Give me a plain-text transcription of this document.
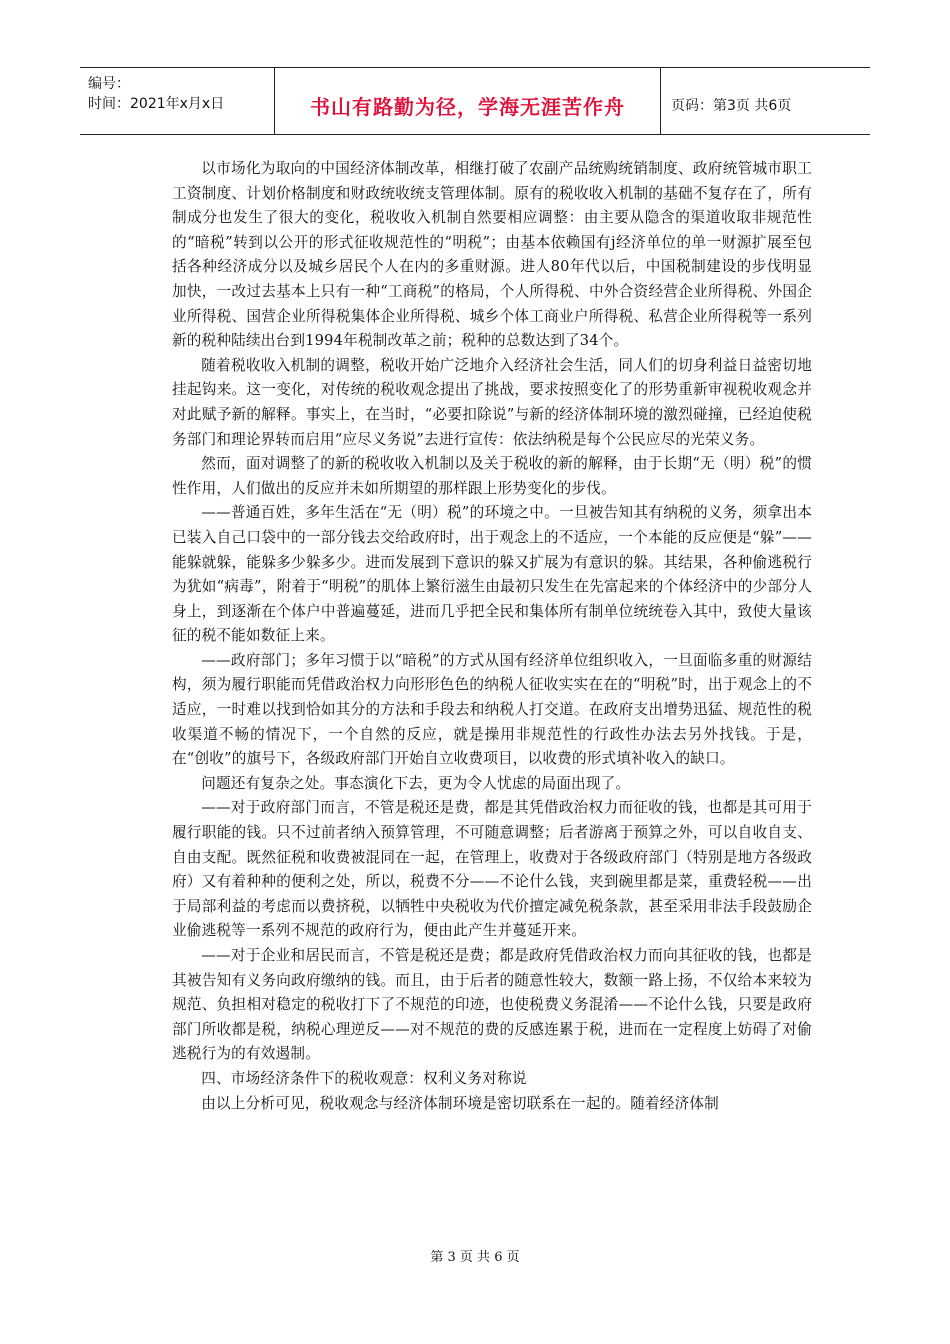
编号：
时间：2021年x月x日	书山有路勤为径，学海无涯苦作舟	页码：第3页 共6页

以市场化为取向的中国经济体制改革，相继打破了农副产品统购统销制度、政府统管城市职工工资制度、计划价格制度和财政统收统支管理体制。原有的税收收入机制的基础不复存在了，所有制成分也发生了很大的变化，税收收入机制自然要相应调整：由主要从隐含的渠道收取非规范性的“暗税”转到以公开的形式征收规范性的“明税”；由基本依赖国有j经济单位的单一财源扩展至包括各种经济成分以及城乡居民个人在内的多重财源。进人80年代以后，中国税制建设的步伐明显加快，一改过去基本上只有一种“工商税”的格局，个人所得税、中外合资经营企业所得税、外国企业所得税、国营企业所得税集体企业所得税、城乡个体工商业户所得税、私营企业所得税等一系列新的税种陆续出台到1994年税制改革之前；税种的总数达到了34个。

随着税收收入机制的调整，税收开始广泛地介入经济社会生活，同人们的切身利益日益密切地挂起钩来。这一变化，对传统的税收观念提出了挑战，要求按照变化了的形势重新审视税收观念并对此赋予新的解释。事实上，在当时，“必要扣除说”与新的经济体制环境的激烈碰撞，已经迫使税务部门和理论界转而启用“应尽义务说”去进行宣传：依法纳税是每个公民应尽的光荣义务。

然而，面对调整了的新的税收收入机制以及关于税收的新的解释，由于长期“无（明）税”的惯性作用，人们做出的反应并未如所期望的那样跟上形势变化的步伐。

——普通百姓，多年生活在“无（明）税”的环境之中。一旦被告知其有纳税的义务，须拿出本已装入自己口袋中的一部分钱去交给政府时，出于观念上的不适应，一个本能的反应便是“躲”——能躲就躲，能躲多少躲多少。进而发展到下意识的躲又扩展为有意识的躲。其结果，各种偷逃税行为犹如“病毒”，附着于“明税”的肌体上繁衍滋生由最初只发生在先富起来的个体经济中的少部分人身上，到逐渐在个体户中普遍蔓延，进而几乎把全民和集体所有制单位统统卷入其中，致使大量该征的税不能如数征上来。

——政府部门；多年习惯于以“暗税”的方式从国有经济单位组织收入，一旦面临多重的财源结构，须为履行职能而凭借政治权力向形形色色的纳税人征收实实在在的“明税”时，出于观念上的不适应，一时难以找到恰如其分的方法和手段去和纳税人打交道。在政府支出增势迅猛、规范性的税收渠道不畅的情况下，一个自然的反应，就是操用非规范性的行政性办法去另外找钱。于是，在“创收”的旗号下，各级政府部门开始自立收费项目，以收费的形式填补收入的缺口。

问题还有复杂之处。事态演化下去，更为令人忧虑的局面出现了。

——对于政府部门而言，不管是税还是费，都是其凭借政治权力而征收的钱，也都是其可用于履行职能的钱。只不过前者纳入预算管理，不可随意调整；后者游离于预算之外，可以自收自支、自由支配。既然征税和收费被混同在一起，在管理上，收费对于各级政府部门（特别是地方各级政府）又有着种种的便利之处，所以，税费不分——不论什么钱，夹到碗里都是菜，重费轻税——出于局部利益的考虑而以费挤税，以牺牲中央税收为代价擅定减免税条款，甚至采用非法手段鼓励企业偷逃税等一系列不规范的政府行为，便由此产生并蔓延开来。

——对于企业和居民而言，不管是税还是费；都是政府凭借政治权力而向其征收的钱，也都是其被告知有义务向政府缴纳的钱。而且，由于后者的随意性较大，数额一路上扬，不仅给本来较为规范、负担相对稳定的税收打下了不规范的印迹，也使税费义务混淆——不论什么钱，只要是政府部门所收都是税，纳税心理逆反——对不规范的费的反感连累于税，进而在一定程度上妨碍了对偷逃税行为的有效遏制。

四、市场经济条件下的税收观意：权利义务对称说

由以上分析可见，税收观念与经济体制环境是密切联系在一起的。随着经济体制

第 3 页 共 6 页
